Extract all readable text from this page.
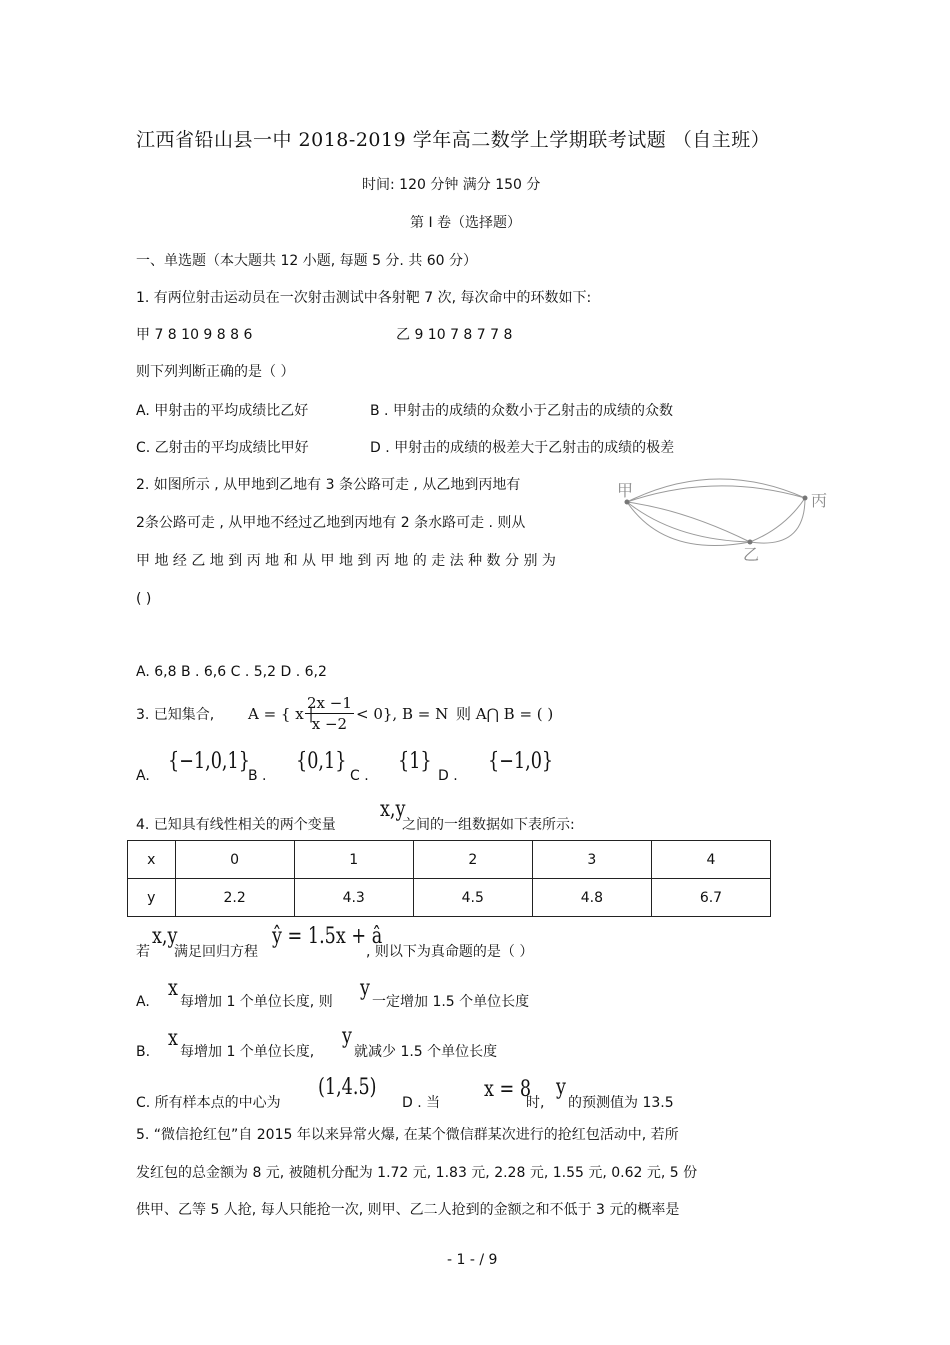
江西省铅山县一中 2018-2019 学年高二数学上学期联考试题 （自主班）
时间: 120 分钟 满分 150 分
第 I 卷（选择题）
一、单选题（本大题共 12 小题, 每题 5 分. 共 60 分）
1. 有两位射击运动员在一次射击测试中各射靶 7 次, 每次命中的环数如下:
甲 7 8 10 9 8 8 6	乙 9 10 7 8 7 7 8
则下列判断正确的是（ ）
A. 甲射击的平均成绩比乙好	B . 甲射击的成绩的众数小于乙射击的成绩的众数
C. 乙射击的平均成绩比甲好	D . 甲射击的成绩的极差大于乙射击的成绩的极差
2. 如图所示 , 从甲地到乙地有 3 条公路可走 , 从乙地到丙地有
2条公路可走 , 从甲地不经过乙地到丙地有 2 条水路可走 . 则从
甲 地 经 乙 地 到 丙 地 和 从 甲 地 到 丙 地 的 走 法 种 数 分 别 为
( )
甲
丙
乙
A. 6,8 B . 6,6 C . 5,2 D . 6,2
3. 已知集合, A = { x |
$\frac{2x -1}{x -2} < 0$}, B = N 则 A⋂ B = ( )
A.
{−1,0,1}
B .
{0,1}
C .
{1}
D .
{−1,0}
4. 已知具有线性相关的两个变量
x,y
之间的一组数据如下表所示:
x	0	1	2	3	4
y	2.2	4.3	4.5	4.8	6.7
若
x,y
满足回归方程
ŷ = 1.5x + â
, 则以下为真命题的是（ ）
A.
x
每增加 1 个单位长度, 则
y
一定增加 1.5 个单位长度
B.
x
每增加 1 个单位长度,
y
就减少 1.5 个单位长度
C. 所有样本点的中心为
(1,4.5)
D . 当
x = 8
时,
y
的预测值为 13.5
5. “微信抢红包”自 2015 年以来异常火爆, 在某个微信群某次进行的抢红包活动中, 若所
发红包的总金额为 8 元, 被随机分配为 1.72 元, 1.83 元, 2.28 元, 1.55 元, 0.62 元, 5 份
供甲、乙等 5 人抢, 每人只能抢一次, 则甲、乙二人抢到的金额之和不低于 3 元的概率是
- 1 - / 9
